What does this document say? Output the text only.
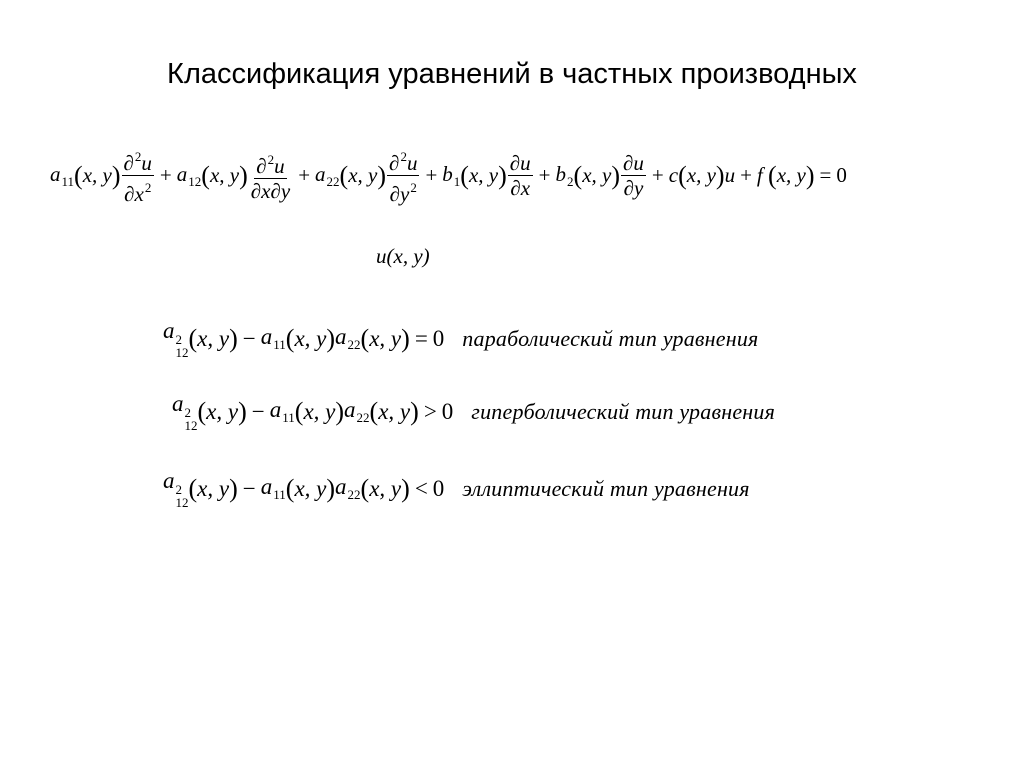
Классификация уравнений в частных производных
$a_{11}$ ( x, y ) $\frac{\partial^2u}{\partial x^2} + a_{12}$ ( x, y ) $\frac{\partial^2u}{\partial x\partial y} + a_{22}$ ( x, y ) $\frac{\partial^2u}{\partial y^2} + b_1$ ( x, y ) $\frac{\partial u}{\partial x} + b_2$ ( x, y ) $\frac{\partial u}{\partial y} + c(x$, y)u + f (x, y) = 0
u(x, y)
a 2
12 ( x, y ) − $a_{11}$ ( x, y ) $a_{22}$ ( x, y ) = 0 параболический тип уравнения
a 2
12 ( x, y ) − $a_{11}$ ( x, y ) $a_{22}$ ( x, y ) > 0 гиперболический тип уравнения
a 2
12 ( x, y ) − $a_{11}$ ( x, y ) $a_{22}$ ( x, y ) < 0 эллиптический тип уравнения
